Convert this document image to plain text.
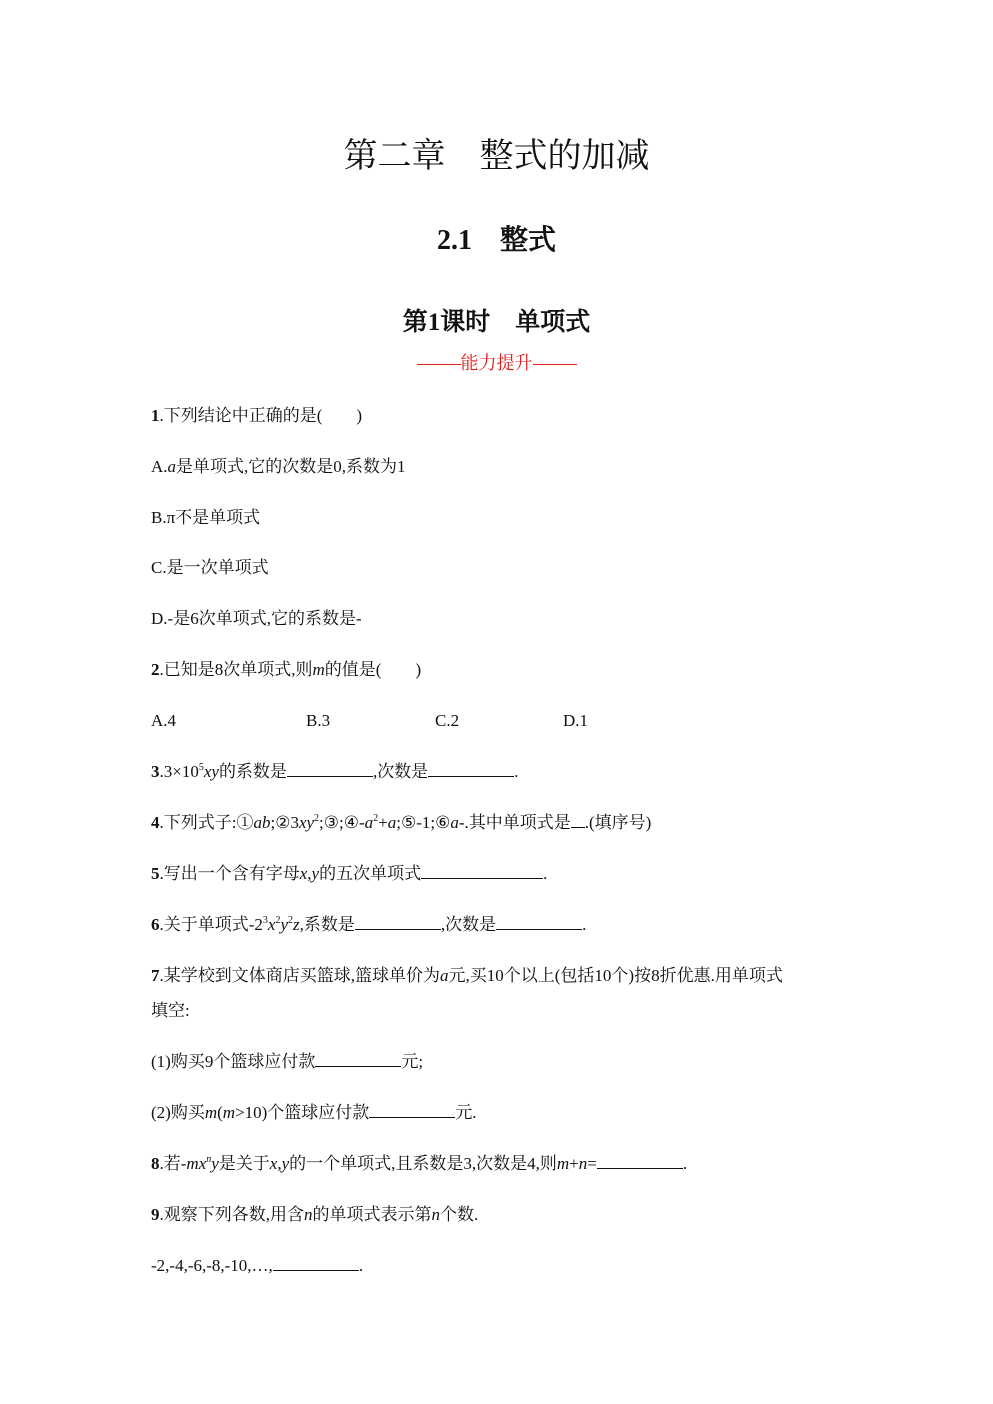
第二章　整式的加减
2.1　整式
第1课时　单项式
能力提升
1.下列结论中正确的是(　　)
A.a是单项式,它的次数是0,系数为1
B.π不是单项式
C.是一次单项式
D.-是6次单项式,它的系数是-
2.已知是8次单项式,则m的值是(　　)
A.4	B.3	C.2	D.1
$3.3\times 10^5xy$的系数是	,次数是	.
4.下列式子$:①ab;②3xy^2;③;④-a^2+a;⑤-1;⑥a-$.其中单项式是 .(填序号)
5.写出一个含有字母x,y的五次单项式	.
6.关于单项式$-2^3x^2y^2z$,系数是	,次数是	.
7.某学校到文体商店买篮球,篮球单价为a元,买10个以上(包括10个)按8折优惠.用单项式
填空:
(1)购买9个篮球应付款	元;
(2)购买m(m>10)个篮球应付款	元.
8.若$-mx^ny$是关于x,y的一个单项式,且系数是3,次数是4,则m+n=	.
9.观察下列各数,用含n的单项式表示第n个数.
-2,-4,-6,-8,-10,…,	.
